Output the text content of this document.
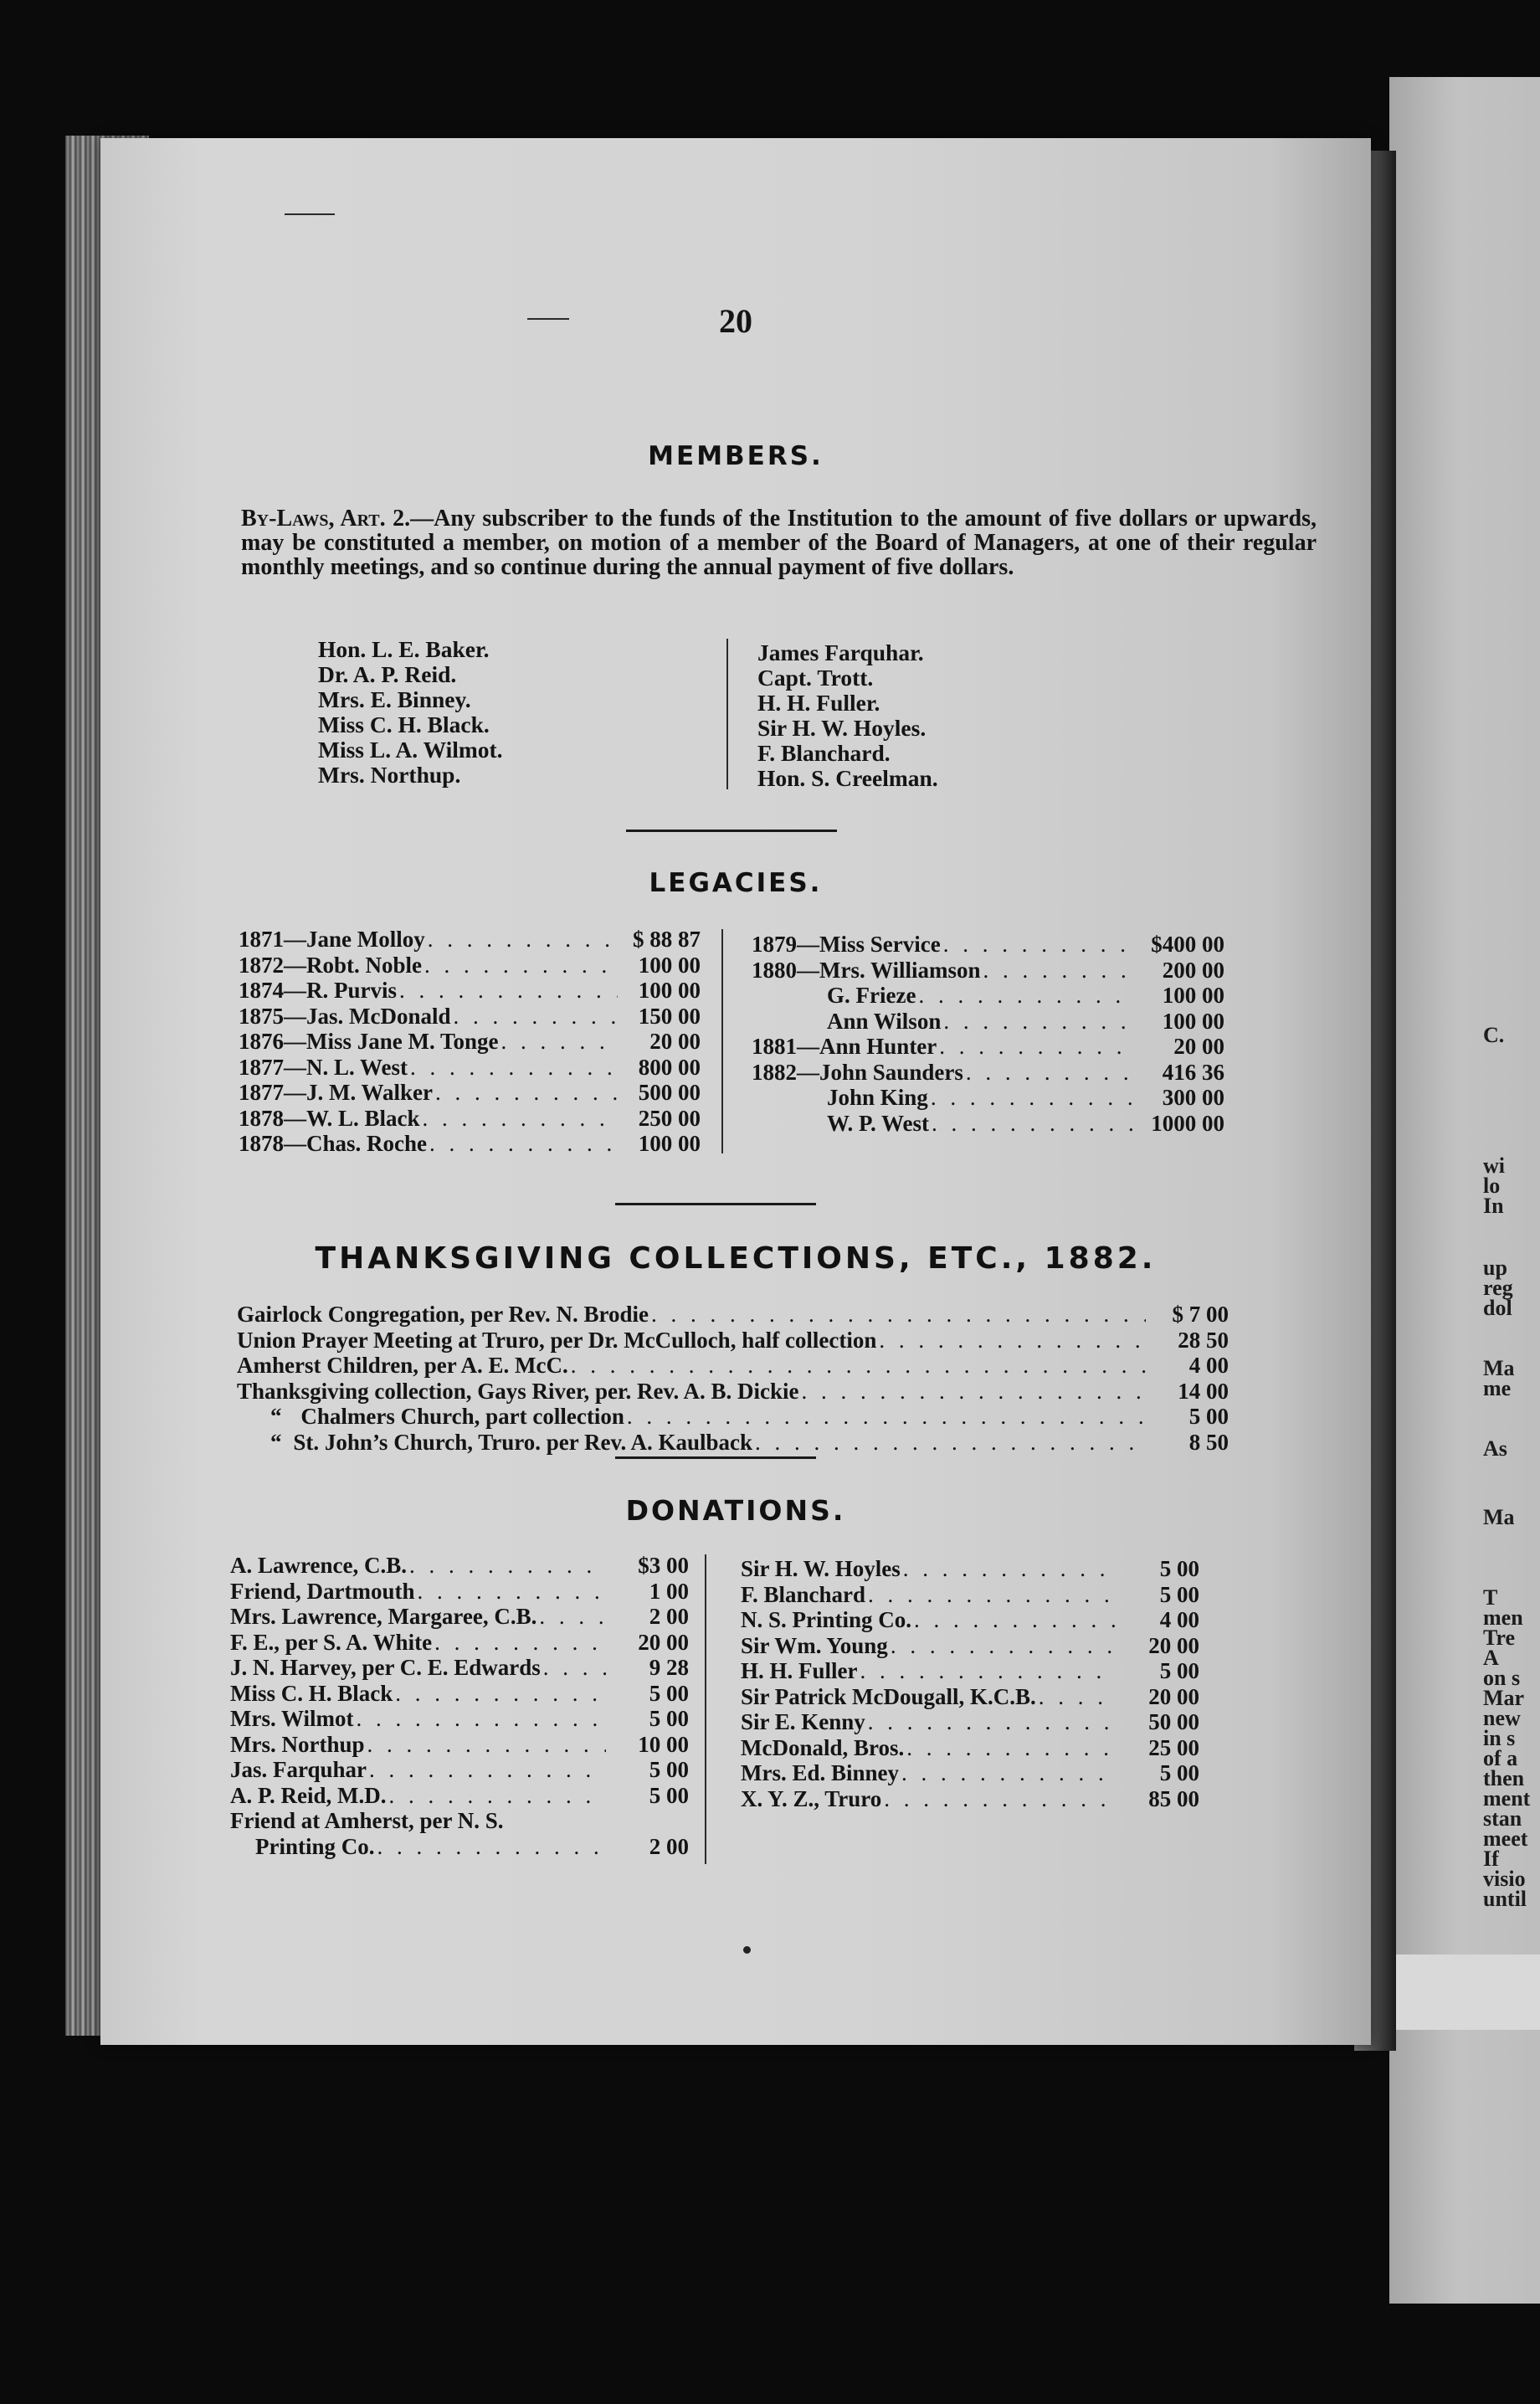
C.
wi
lo
In
up
reg
dol
Ma
me
As
Ma
T
men
Tre
A
on s
Mar
new
in s
of a
then
ment
stan
meet
If
visio
until
20
MEMBERS.
By-Laws, Art. 2.—Any subscriber to the funds of the Institution to the amount of five dollars or upwards, may be constituted a member, on motion of a member of the Board of Managers, at one of their regular monthly meetings, and so continue during the annual payment of five dollars.
Hon. L. E. Baker.
Dr. A. P. Reid.
Mrs. E. Binney.
Miss C. H. Black.
Miss L. A. Wilmot.
Mrs. Northup.
James Farquhar.
Capt. Trott.
H. H. Fuller.
Sir H. W. Hoyles.
F. Blanchard.
Hon. S. Creelman.
LEGACIES.
1871—Jane Molloy . . .	$ 88 87
1872—Robt. Noble . . .	100 00
1874—R. Purvis . . .	100 00
1875—Jas. McDonald . . .	150 00
1876—Miss Jane M. Tonge . . .	20 00
1877—N. L. West . . .	800 00
1877—J. M. Walker . . .	500 00
1878—W. L. Black . . .	250 00
1878—Chas. Roche . . .	100 00
1879—Miss Service . . .	$400 00
1880—Mrs. Williamson . . .	200 00
G. Frieze . . .	100 00
Ann Wilson . . .	100 00
1881—Ann Hunter . . .	20 00
1882—John Saunders . . .	416 36
John King . . .	300 00
W. P. West . . .	1000 00
THANKSGIVING COLLECTIONS, ETC., 1882.
Gairlock Congregation, per Rev. N. Brodie . . .	$ 7 00
Union Prayer Meeting at Truro, per Dr. McCulloch, half collection . . .	28 50
Amherst Children, per A. E. McC. . . .	4 00
Thanksgiving collection, Gays River, per. Rev. A. B. Dickie . . .	14 00
“ Chalmers Church, part collection . . .	5 00
“ St. John’s Church, Truro. per Rev. A. Kaulback . . .	8 50
DONATIONS.
A. Lawrence, C.B. . . .	$3 00
Friend, Dartmouth . . .	1 00
Mrs. Lawrence, Margaree, C.B. . . .	2 00
F. E., per S. A. White . . .	20 00
J. N. Harvey, per C. E. Edwards . . .	9 28
Miss C. H. Black . . .	5 00
Mrs. Wilmot . . .	5 00
Mrs. Northup . . .	10 00
Jas. Farquhar . . .	5 00
A. P. Reid, M.D. . . .	5 00
Friend at Amherst, per N. S.
Printing Co. . . .	2 00
Sir H. W. Hoyles . . .	5 00
F. Blanchard . . .	5 00
N. S. Printing Co. . . .	4 00
Sir Wm. Young . . .	20 00
H. H. Fuller . . .	5 00
Sir Patrick McDougall, K.C.B. . . .	20 00
Sir E. Kenny . . .	50 00
McDonald, Bros. . . .	25 00
Mrs. Ed. Binney . . .	5 00
X. Y. Z., Truro . . .	85 00
